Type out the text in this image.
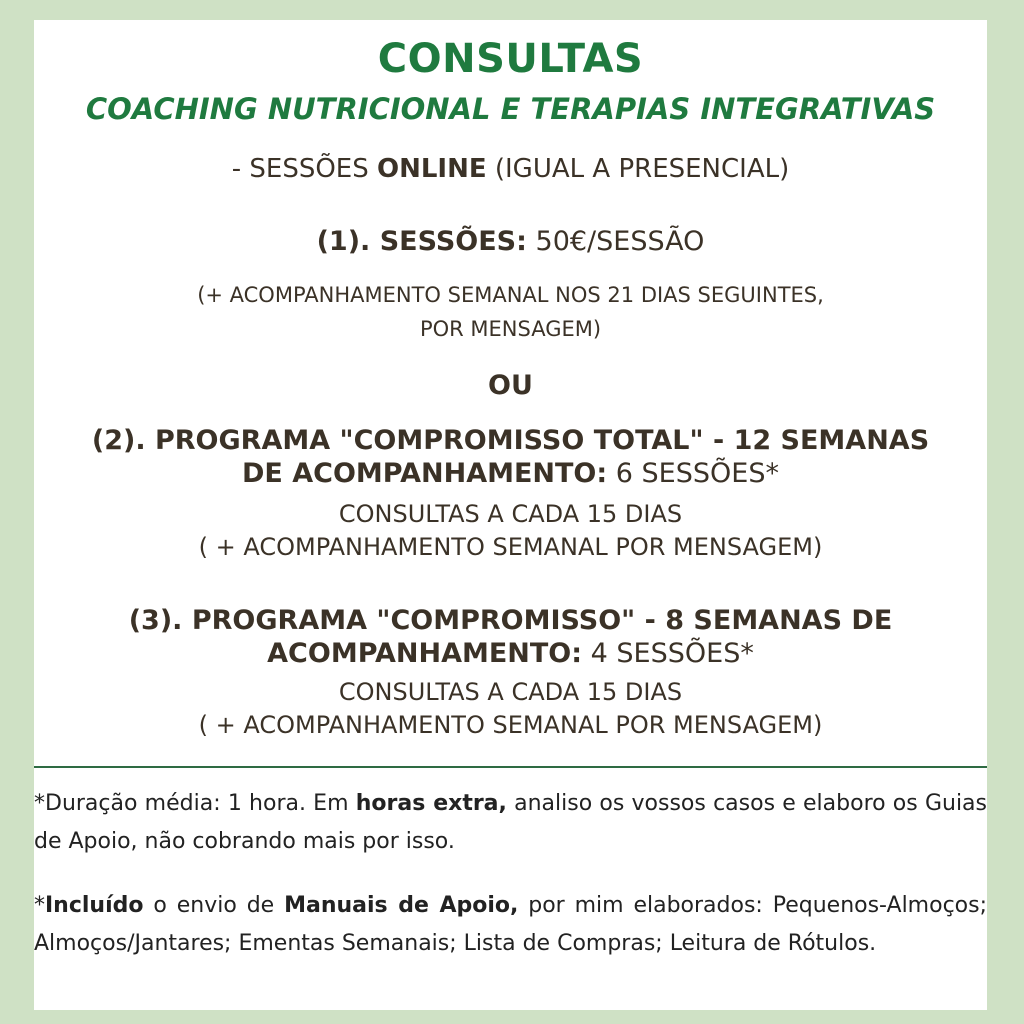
CONSULTAS
COACHING NUTRICIONAL E TERAPIAS INTEGRATIVAS
- SESSÕES ONLINE (IGUAL A PRESENCIAL)
(1). SESSÕES: 50€/SESSÃO
(+ ACOMPANHAMENTO SEMANAL NOS 21 DIAS SEGUINTES,
POR MENSAGEM)
OU
(2). PROGRAMA "COMPROMISSO TOTAL" - 12 SEMANAS
DE ACOMPANHAMENTO: 6 SESSÕES*
CONSULTAS A CADA 15 DIAS
( + ACOMPANHAMENTO SEMANAL POR MENSAGEM)
(3). PROGRAMA "COMPROMISSO" - 8 SEMANAS DE
ACOMPANHAMENTO: 4 SESSÕES*
CONSULTAS A CADA 15 DIAS
( + ACOMPANHAMENTO SEMANAL POR MENSAGEM)
*Duração média: 1 hora. Em horas extra, analiso os vossos casos e elaboro os Guias de Apoio, não cobrando mais por isso.
*Incluído o envio de Manuais de Apoio, por mim elaborados: Pequenos-Almoços; Almoços/Jantares; Ementas Semanais; Lista de Compras; Leitura de Rótulos.
